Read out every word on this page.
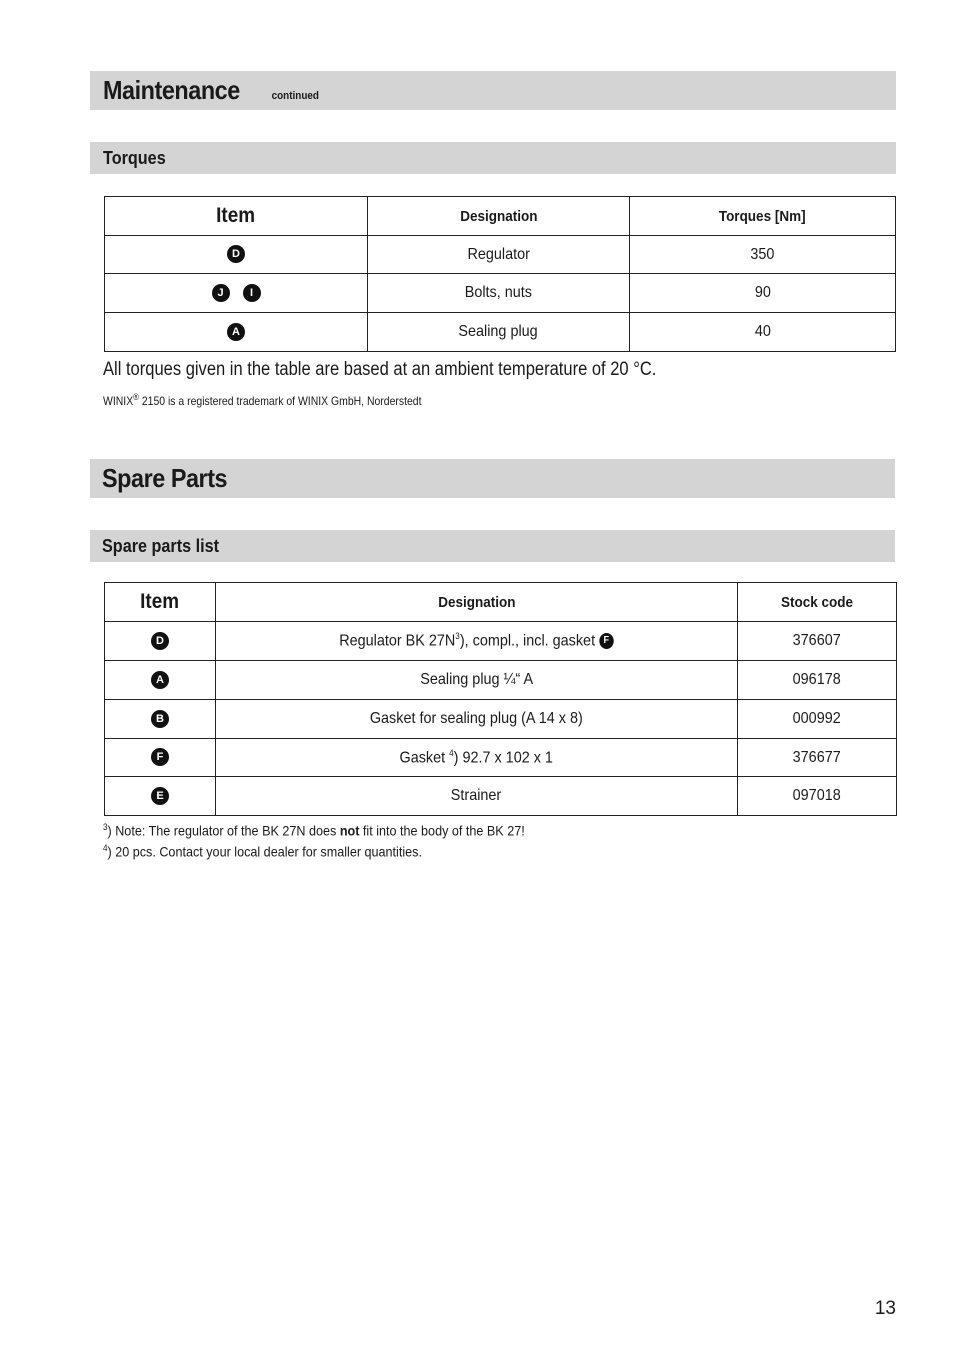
Maintenance	continued
Torques
Item	Designation	Torques [Nm]
D	Regulator	350
J I	Bolts, nuts	90
A	Sealing plug	40
All torques given in the table are based at an ambient temperature of 20 °C.
WINIX® 2150 is a registered trademark of WINIX GmbH, Norderstedt
Spare Parts
Spare parts list
Item	Designation	Stock code
D	Regulator BK $27N^3$), compl., incl. gasket F	376607
A	Sealing plug ¼“ A	096178
B	Gasket for sealing plug (A 14 x 8)	000992
F	Gasket $^4$) 92.7 x 102 x 1	376677
E	Strainer	097018
$^3$) Note: The regulator of the BK 27N does not fit into the body of the BK 27!
$^4$) 20 pcs. Contact your local dealer for smaller quantities.
13
